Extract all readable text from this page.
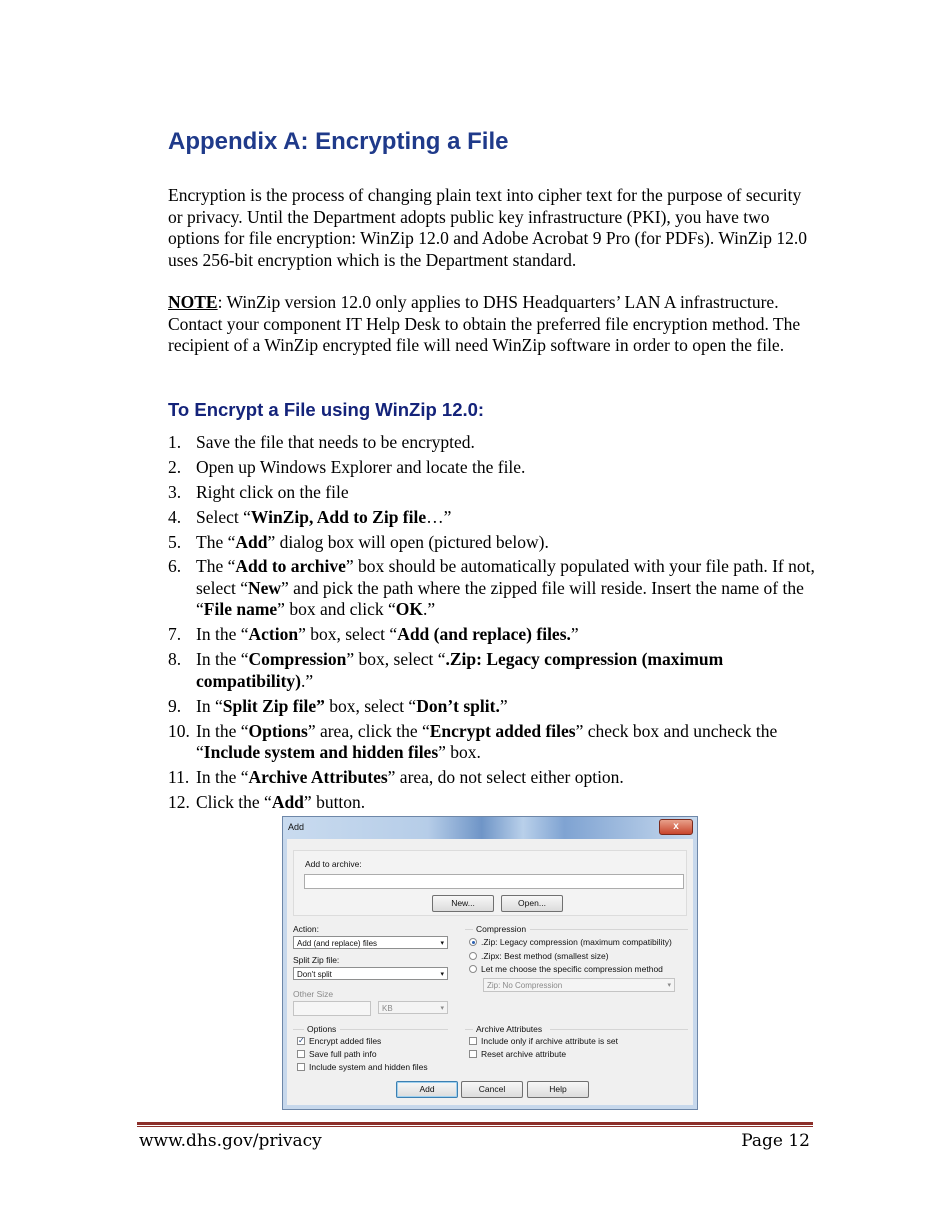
Appendix A: Encrypting a File
Encryption is the process of changing plain text into cipher text for the purpose of security or privacy. Until the Department adopts public key infrastructure (PKI), you have two options for file encryption: WinZip 12.0 and Adobe Acrobat 9 Pro (for PDFs). WinZip 12.0 uses 256-bit encryption which is the Department standard.
NOTE: WinZip version 12.0 only applies to DHS Headquarters’ LAN A infrastructure. Contact your component IT Help Desk to obtain the preferred file encryption method. The recipient of a WinZip encrypted file will need WinZip software in order to open the file.
To Encrypt a File using WinZip 12.0:
1. Save the file that needs to be encrypted.
2. Open up Windows Explorer and locate the file.
3. Right click on the file
4. Select “WinZip, Add to Zip file…”
5. The “Add” dialog box will open (pictured below).
6. The “Add to archive” box should be automatically populated with your file path. If not, select “New” and pick the path where the zipped file will reside. Insert the name of the “File name” box and click “OK.”
7. In the “Action” box, select “Add (and replace) files.”
8. In the “Compression” box, select “.Zip: Legacy compression (maximum compatibility).”
9. In “Split Zip file” box, select “Don’t split.”
10. In the “Options” area, click the “Encrypt added files” check box and uncheck the “Include system and hidden files” box.
11. In the “Archive Attributes” area, do not select either option.
12. Click the “Add” button.
Add	x
Add to archive:
New...	Open...
Action:
Add (and replace) files	▾
Split Zip file:
Don't split	▾
Other Size
KB	▾
Compression
.Zip: Legacy compression (maximum compatibility)
.Zipx: Best method (smallest size)
Let me choose the specific compression method
Zip: No Compression	▾
Options
✓ Encrypt added files
Save full path info
Include system and hidden files
Archive Attributes
Include only if archive attribute is set
Reset archive attribute
Add	Cancel	Help
www.dhs.gov/privacy	Page 12
